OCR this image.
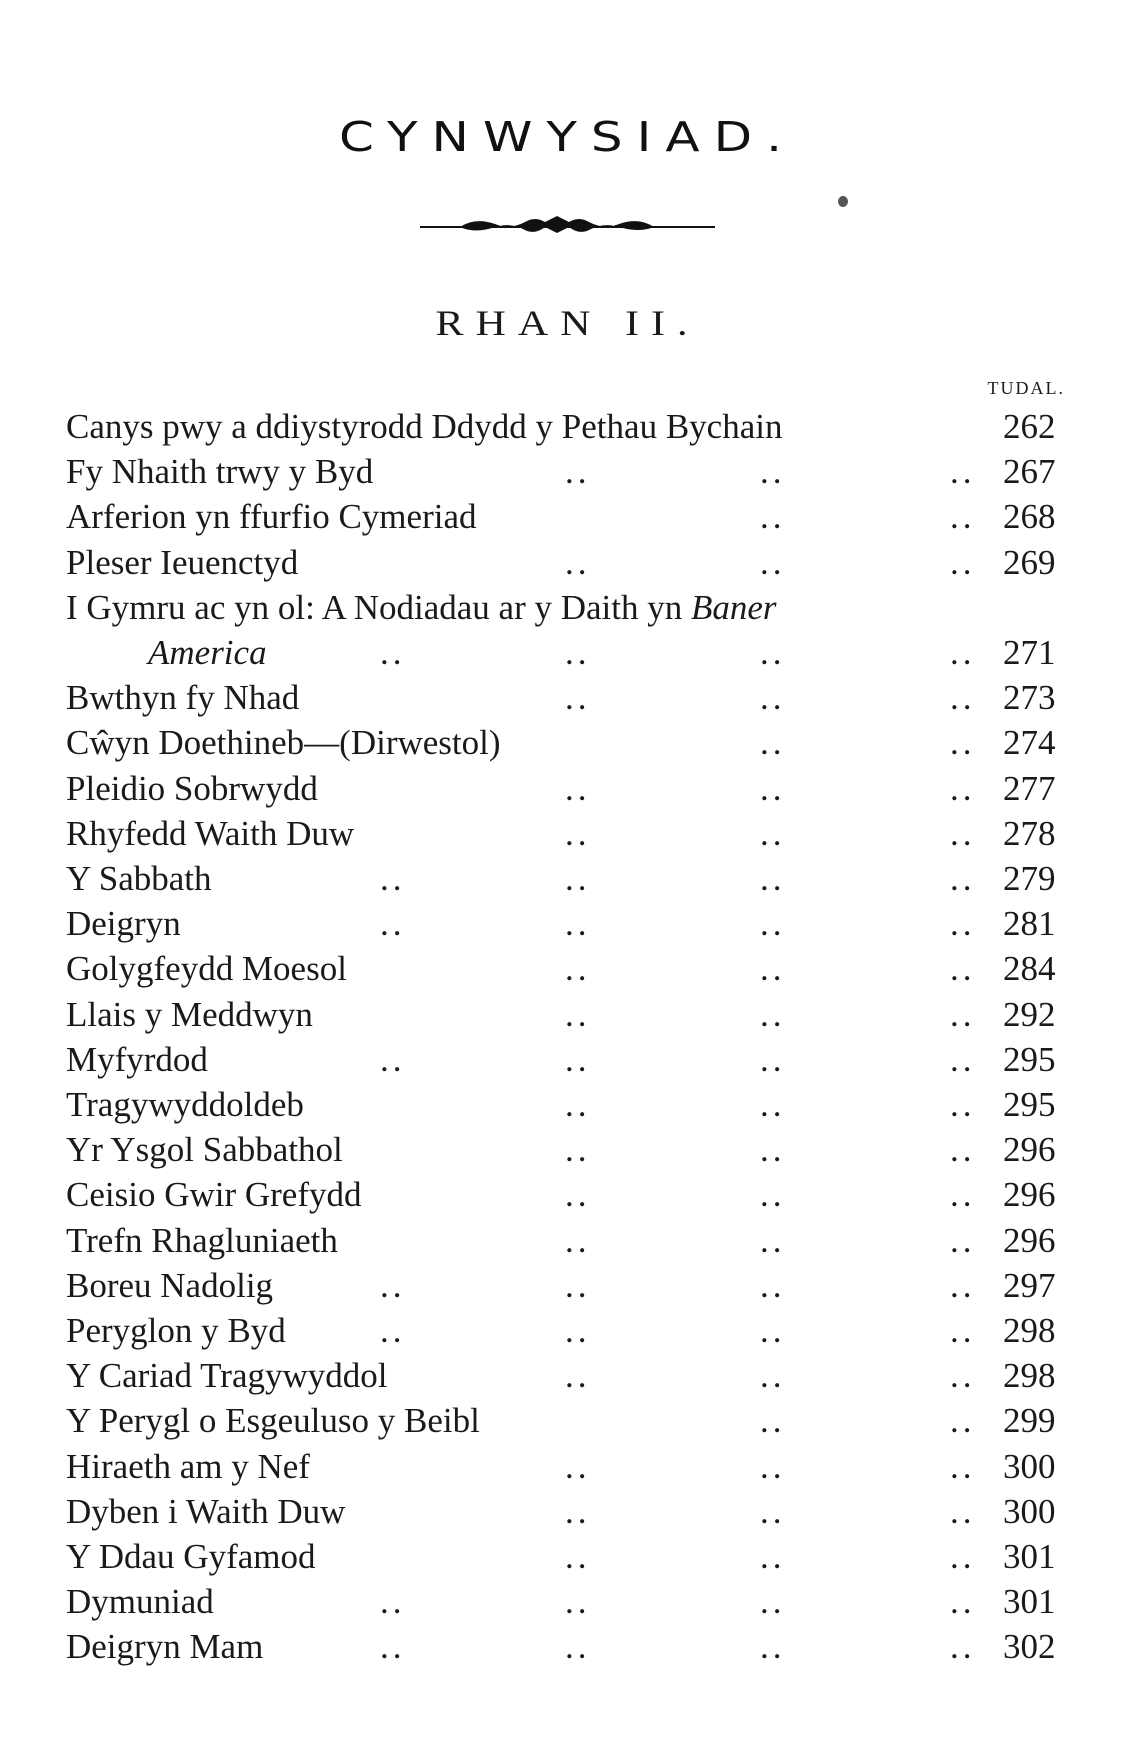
CYNWYSIAD.
RHAN II.
TUDAL.
Canys pwy a ddiystyrodd Ddydd y Pethau Bychain	262
Fy Nhaith trwy y Byd	..	..	.. 267
Arferion yn ffurfio Cymeriad	..	.. 268
Pleser Ieuenctyd	..	..	.. 269
I Gymru ac yn ol: A Nodiadau ar y Daith yn Baner
America	..	..	..	.. 271
Bwthyn fy Nhad	..	..	.. 273
Cŵyn Doethineb—(Dirwestol)	..	.. 274
Pleidio Sobrwydd	..	..	.. 277
Rhyfedd Waith Duw	..	..	.. 278
Y Sabbath	..	..	..	.. 279
Deigryn	..	..	..	.. 281
Golygfeydd Moesol	..	..	.. 284
Llais y Meddwyn	..	..	.. 292
Myfyrdod	..	..	..	.. 295
Tragywyddoldeb	..	..	.. 295
Yr Ysgol Sabbathol	..	..	.. 296
Ceisio Gwir Grefydd	..	..	.. 296
Trefn Rhagluniaeth	..	..	.. 296
Boreu Nadolig	..	..	..	.. 297
Peryglon y Byd	..	..	..	.. 298
Y Cariad Tragywyddol	..	..	.. 298
Y Perygl o Esgeuluso y Beibl	..	.. 299
Hiraeth am y Nef	..	..	.. 300
Dyben i Waith Duw	..	..	.. 300
Y Ddau Gyfamod	..	..	.. 301
Dymuniad	..	..	..	.. 301
Deigryn Mam	..	..	..	.. 302
